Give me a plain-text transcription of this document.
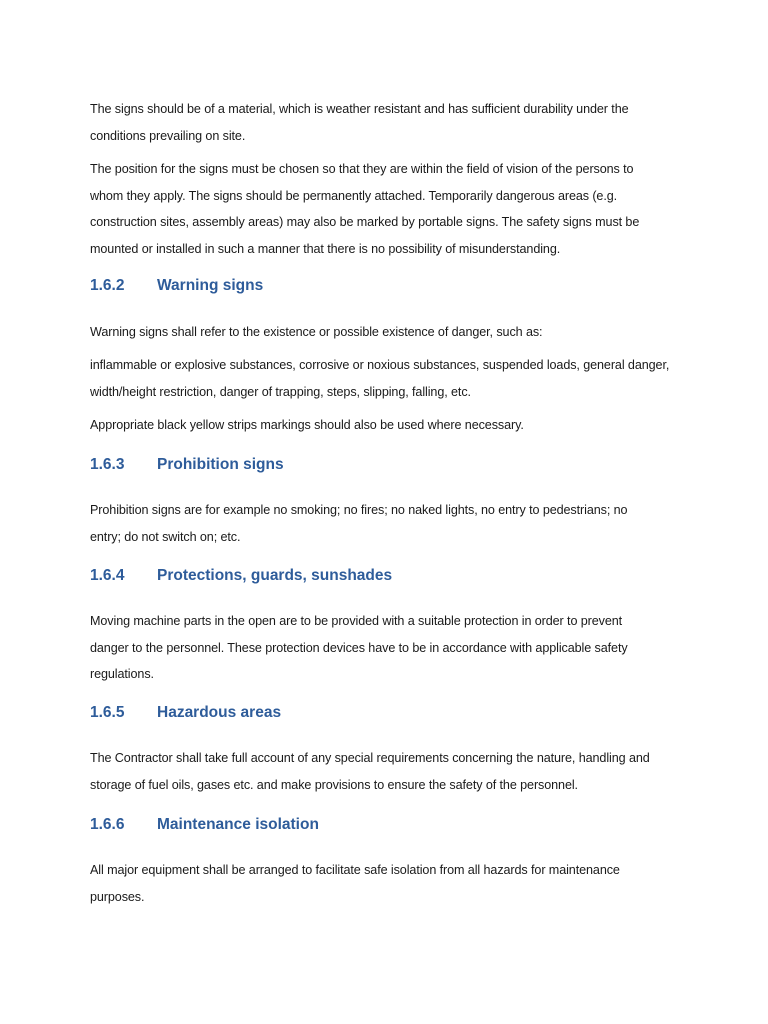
The signs should be of a material, which is weather resistant and has sufficient durability under the
conditions prevailing on site.
The position for the signs must be chosen so that they are within the field of vision of the persons to
whom they apply. The signs should be permanently attached. Temporarily dangerous areas (e.g.
construction sites, assembly areas) may also be marked by portable signs. The safety signs must be
mounted or installed in such a manner that there is no possibility of misunderstanding.
1.6.2 Warning signs
Warning signs shall refer to the existence or possible existence of danger, such as:
inflammable or explosive substances, corrosive or noxious substances, suspended loads, general danger,
width/height restriction, danger of trapping, steps, slipping, falling, etc.
Appropriate black yellow strips markings should also be used where necessary.
1.6.3 Prohibition signs
Prohibition signs are for example no smoking; no fires; no naked lights, no entry to pedestrians; no
entry; do not switch on; etc.
1.6.4 Protections, guards, sunshades
Moving machine parts in the open are to be provided with a suitable protection in order to prevent
danger to the personnel. These protection devices have to be in accordance with applicable safety
regulations.
1.6.5 Hazardous areas
The Contractor shall take full account of any special requirements concerning the nature, handling and
storage of fuel oils, gases etc. and make provisions to ensure the safety of the personnel.
1.6.6 Maintenance isolation
All major equipment shall be arranged to facilitate safe isolation from all hazards for maintenance
purposes.
